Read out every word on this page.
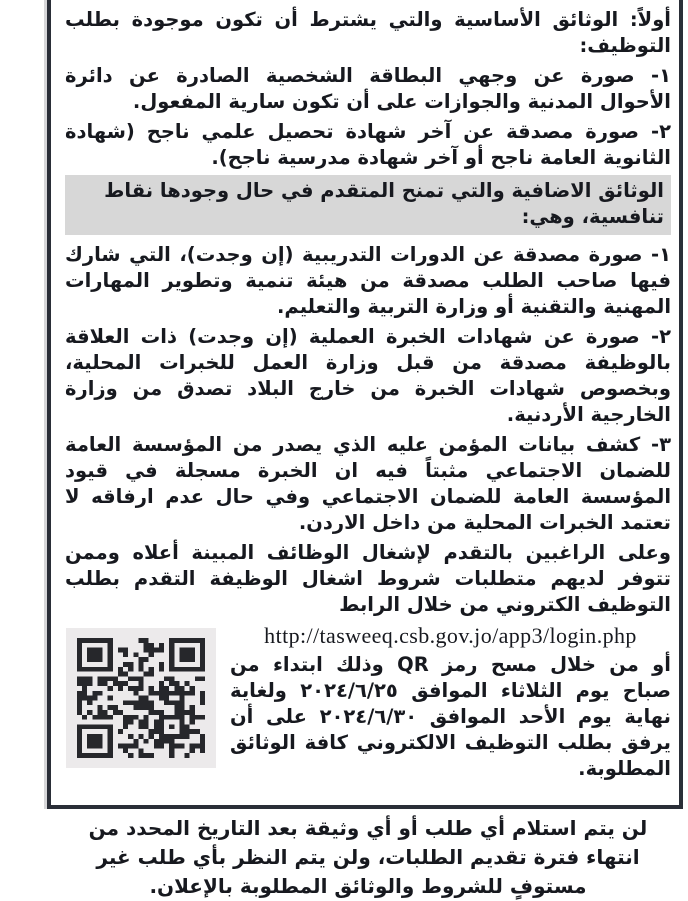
أولاً: الوثائق الأساسية والتي يشترط أن تكون موجودة بطلب التوظيف:

١- صورة عن وجهي البطاقة الشخصية الصادرة عن دائرة الأحوال المدنية والجوازات على أن تكون سارية المفعول.

٢- صورة مصدقة عن آخر شهادة تحصيل علمي ناجح (شهادة الثانوية العامة ناجح أو آخر شهادة مدرسية ناجح).

الوثائق الاضافية والتي تمنح المتقدم في حال وجودها نقاط تنافسية، وهي:

١- صورة مصدقة عن الدورات التدريبية (إن وجدت)، التي شارك فيها صاحب الطلب مصدقة من هيئة تنمية وتطوير المهارات المهنية والتقنية أو وزارة التربية والتعليم.

٢- صورة عن شهادات الخبرة العملية (إن وجدت) ذات العلاقة بالوظيفة مصدقة من قبل وزارة العمل للخبرات المحلية، وبخصوص شهادات الخبرة من خارج البلاد تصدق من وزارة الخارجية الأردنية.

٣- كشف بيانات المؤمن عليه الذي يصدر من المؤسسة العامة للضمان الاجتماعي مثبتاً فيه ان الخبرة مسجلة في قيود المؤسسة العامة للضمان الاجتماعي وفي حال عدم ارفاقه لا تعتمد الخبرات المحلية من داخل الاردن.

وعلى الراغبين بالتقدم لإشغال الوظائف المبينة أعلاه وممن تتوفر لديهم متطلبات شروط اشغال الوظيفة التقدم بطلب التوظيف الكتروني من خلال الرابط

http://tasweeq.csb.gov.jo/app3/login.php

أو من خلال مسح رمز QR وذلك ابتداء من صباح يوم الثلاثاء الموافق ٢٠٢٤/٦/٢٥ ولغاية نهاية يوم الأحد الموافق ٢٠٢٤/٦/٣٠ على أن يرفق بطلب التوظيف الالكتروني كافة الوثائق المطلوبة.

لن يتم استلام أي طلب أو أي وثيقة بعد التاريخ المحدد من انتهاء فترة تقديم الطلبات، ولن يتم النظر بأي طلب غير مستوفٍ للشروط والوثائق المطلوبة بالإعلان.
